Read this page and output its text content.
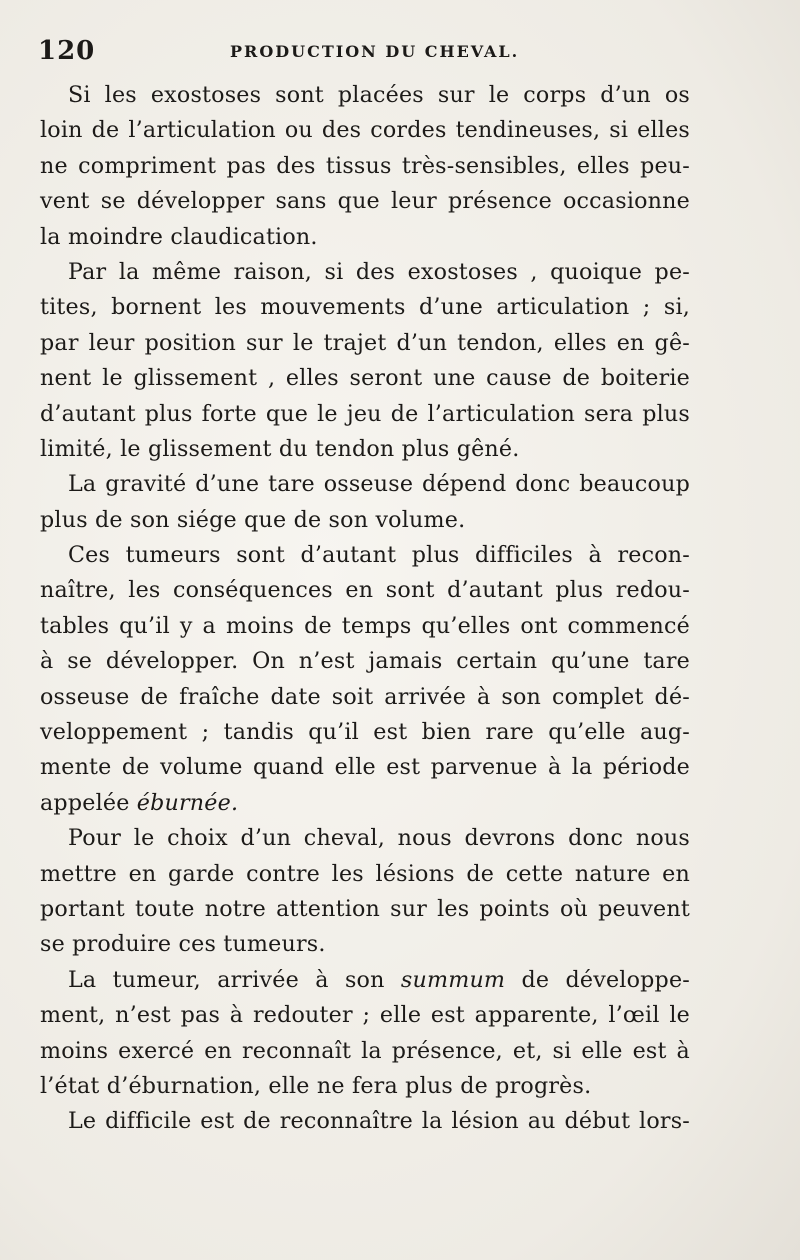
120	PRODUCTION DU CHEVAL.
Si les exostoses sont placées sur le corps d’un os
loin de l’articulation ou des cordes tendineuses, si elles
ne compriment pas des tissus très-sensibles, elles peu-
vent se développer sans que leur présence occasionne
la moindre claudication.
Par la même raison, si des exostoses , quoique pe-
tites, bornent les mouvements d’une articulation ; si,
par leur position sur le trajet d’un tendon, elles en gê-
nent le glissement , elles seront une cause de boiterie
d’autant plus forte que le jeu de l’articulation sera plus
limité, le glissement du tendon plus gêné.
La gravité d’une tare osseuse dépend donc beaucoup
plus de son siége que de son volume.
Ces tumeurs sont d’autant plus difficiles à recon-
naître, les conséquences en sont d’autant plus redou-
tables qu’il y a moins de temps qu’elles ont commencé
à se développer. On n’est jamais certain qu’une tare
osseuse de fraîche date soit arrivée à son complet dé-
veloppement ; tandis qu’il est bien rare qu’elle aug-
mente de volume quand elle est parvenue à la période
appelée éburnée.
Pour le choix d’un cheval, nous devrons donc nous
mettre en garde contre les lésions de cette nature en
portant toute notre attention sur les points où peuvent
se produire ces tumeurs.
La tumeur, arrivée à son summum de développe-
ment, n’est pas à redouter ; elle est apparente, l’œil le
moins exercé en reconnaît la présence, et, si elle est à
l’état d’éburnation, elle ne fera plus de progrès.
Le difficile est de reconnaître la lésion au début lors-
